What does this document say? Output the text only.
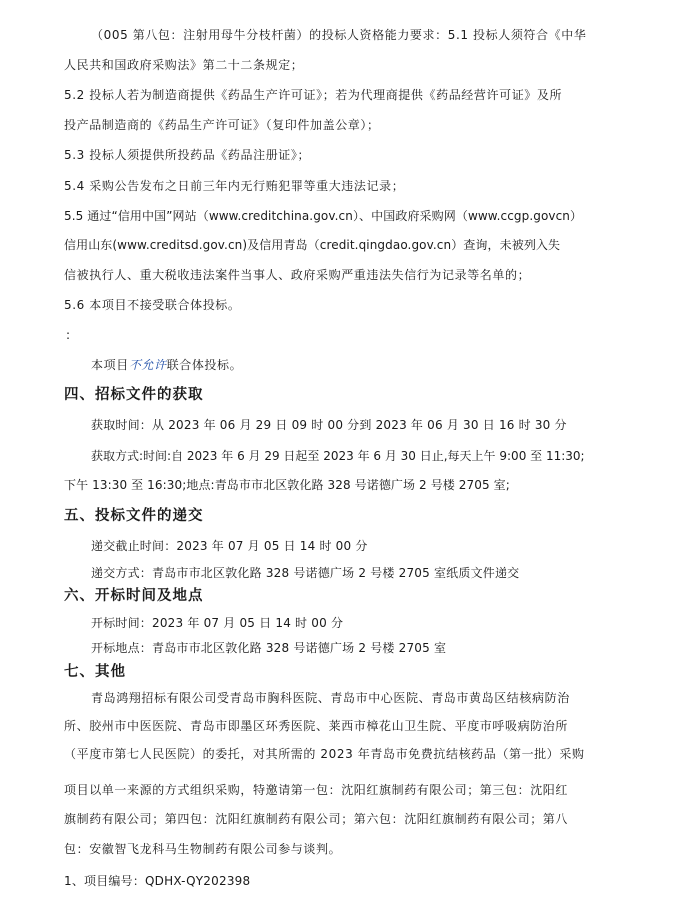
（005 第八包：注射用母牛分枝杆菌）的投标人资格能力要求：5.1 投标人须符合《中华
人民共和国政府采购法》第二十二条规定；
5.2 投标人若为制造商提供《药品生产许可证》；若为代理商提供《药品经营许可证》及所
投产品制造商的《药品生产许可证》（复印件加盖公章）；
5.3 投标人须提供所投药品《药品注册证》；
5.4 采购公告发布之日前三年内无行贿犯罪等重大违法记录；
5.5 通过“信用中国”网站（www.creditchina.gov.cn）、中国政府采购网（www.ccgp.govcn）
信用山东(www.creditsd.gov.cn)及信用青岛（credit.qingdao.gov.cn）查询，未被列入失
信被执行人、重大税收违法案件当事人、政府采购严重违法失信行为记录等名单的；
5.6 本项目不接受联合体投标。
:
本项目不允许联合体投标。
四、招标文件的获取
获取时间：从 2023 年 06 月 29 日 09 时 00 分到 2023 年 06 月 30 日 16 时 30 分
获取方式:时间:自 2023 年 6 月 29 日起至 2023 年 6 月 30 日止,每天上午 9:00 至 11:30;
下午 13:30 至 16:30;地点:青岛市市北区敦化路 328 号诺德广场 2 号楼 2705 室;
五、投标文件的递交
递交截止时间：2023 年 07 月 05 日 14 时 00 分
递交方式：青岛市市北区敦化路 328 号诺德广场 2 号楼 2705 室纸质文件递交
六、开标时间及地点
开标时间：2023 年 07 月 05 日 14 时 00 分
开标地点：青岛市市北区敦化路 328 号诺德广场 2 号楼 2705 室
七、其他
青岛鸿翔招标有限公司受青岛市胸科医院、青岛市中心医院、青岛市黄岛区结核病防治
所、胶州市中医医院、青岛市即墨区环秀医院、莱西市樟花山卫生院、平度市呼吸病防治所
（平度市第七人民医院）的委托，对其所需的 2023 年青岛市免费抗结核药品（第一批）采购
项目以单一来源的方式组织采购，特邀请第一包：沈阳红旗制药有限公司；第三包：沈阳红
旗制药有限公司；第四包：沈阳红旗制药有限公司；第六包：沈阳红旗制药有限公司；第八
包：安徽智飞龙科马生物制药有限公司参与谈判。
1、项目编号：QDHX-QY202398
